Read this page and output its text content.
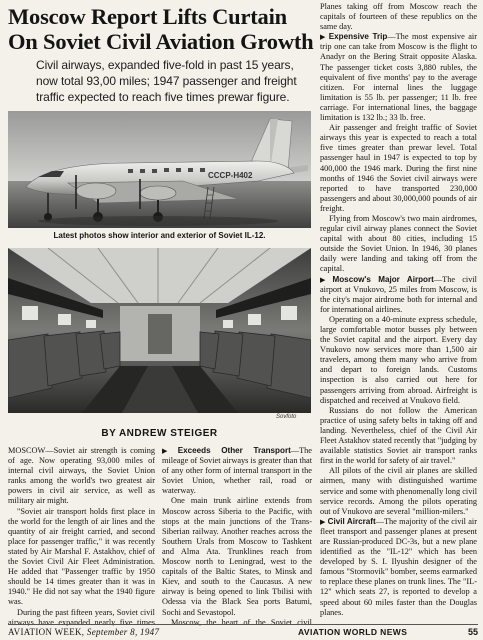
Moscow Report Lifts Curtain
On Soviet Civil Aviation Growth
Civil airways, expanded five-fold in past 15 years, now total 93,00 miles; 1947 passenger and freight traffic expected to reach five times prewar figure.
CCCP-H402
Latest photos show interior and exterior of Soviet IL-12.
Sovfoto
BY ANDREW STEIGER

MOSCOW—Soviet air strength is coming of age. Now operating 93,000 miles of internal civil airways, the Soviet Union ranks among the world's two greatest air powers in civil air service, as well as military air might.

"Soviet air transport holds first place in the world for the length of air lines and the quantity of air freight carried, and second place for passenger traffic," it was recently stated by Air Marshal F. Astakhov, chief of the Soviet Civil Air Fleet Administration. He added that "Passenger traffic by 1950 should be 14 times greater than it was in 1940." He did not say what the 1940 figure was.

During the past fifteen years, Soviet civil airways have expanded nearly five times

▶ Exceeds Other Transport—The mileage of Soviet airways is greater than that of any other form of internal transport in the Soviet Union, whether rail, road or waterway.

One main trunk airline extends from Moscow across Siberia to the Pacific, with stops at the main junctions of the Trans-Siberian railway. Another reaches across the Southern Urals from Moscow to Tashkent and Alma Ata. Trunklines reach from Moscow north to Leningrad, west to the capitals of the Baltic States, to Minsk and Kiev, and south to the Caucasus. A new airway is being opened to link Tbilisi with Odessa via the Black Sea ports Batumi, Sochi and Sevastopol.

Moscow, the heart of the Soviet civil

Planes taking off from Moscow reach the capitals of fourteen of these republics on the same day.

▶ Expensive Trip—The most expensive air trip one can take from Moscow is the flight to Anadyr on the Bering Strait opposite Alaska. The passenger ticket costs 3,880 rubles, the equivalent of five months' pay to the average citizen. For internal lines the luggage limitation is 55 lb. per passenger; 11 lb. free carriage. For international lines, the baggage limitation is 132 lb.; 33 lb. free.

Air passenger and freight traffic of Soviet airways this year is expected to reach a total five times greater than prewar level. Total passenger haul in 1947 is expected to top by 400,000 the 1946 mark. During the first nine months of 1946 the Soviet civil airways were reported to have transported 230,000 passengers and about 30,000,000 pounds of air freight.

Flying from Moscow's two main airdromes, regular civil airway planes connect the Soviet capital with about 80 cities, including 15 outside the Soviet Union. In 1946, 30 planes daily were landing and taking off from the capital.

▶ Moscow's Major Airport—The civil airport at Vnukovo, 25 miles from Moscow, is the city's major airdrome both for internal and for international airlines.

Operating on a 40-minute express schedule, large comfortable motor busses ply between the Soviet capital and the airport. Every day Vnukovo now services more than 1,500 air travelers, among them many who arrive from and depart to foreign lands. Customs inspection is also carried out here for passengers arriving from abroad. Airfreight is dispatched and received at Vnukovo field.

Russians do not follow the American practice of using safety belts in taking off and landing. Nevertheless, chief of the Civil Air Fleet Astakhov stated recently that "judging by available statistics Soviet air transport ranks first in the world for safety of air travel."

All pilots of the civil air planes are skilled airmen, many with distinguished wartime service and some with phenomenally long civil service records. Among the pilots operating out of Vnukovo are several "million-milers."

▶ Civil Aircraft—The majority of the civil air fleet transport and passenger planes at present are Russian-produced DC-3s, but a new plane identified as the "IL-12" which has been developed by S. I. Ilyushin designer of the famous "Stormovik" bomber, seems earmarked to replace these planes on trunk lines. The "IL-12" which seats 27, is reported to develop a speed about 60 miles faster than the Douglas planes.

AVIATION WEEK, September 8, 1947	AVIATION WORLD NEWS	55
